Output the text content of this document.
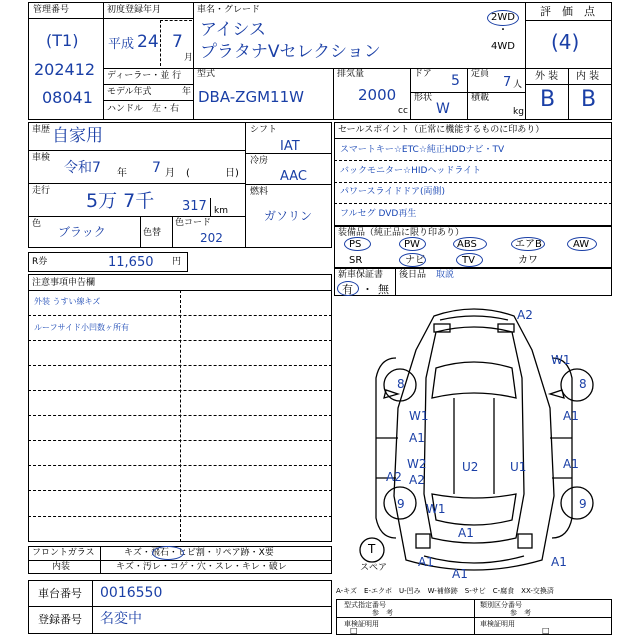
管理番号
(T1)
202412
08041
初度登録年月
平成 24 7
月
車名・グレード
アイシス
プラタナVセレクション
2WD
・
4WD
評　価　点
(4)
外 装 内 装
B B
ディーラー・並 行
モデル年式	年
ハンドル　左・右
型式
DBA-ZGM11W
排気量
2000
cc
ドア 5
形状
W
定員
7 人
積載
kg
車歴 自家用
車検
令和7 年 7 月 (	日)
走行 5万 7千 317 km
色
ブラック	色替
色コード
202
シフト
IAT
冷房
AAC
燃料
ガソリン
R券	11,650 円
セールスポイント（正常に機能するものに印あり）
スマートキー☆ETC☆純正HDDナビ・TV
バックモニター☆HIDヘッドライト
パワースライドドア(両側)
フルセグ DVD再生
装備品（純正品に限り印あり）
PS	PW	ABS	エアB	AW
SR	ナビ	TV	カワ
新車保証書
有 ・ 無
後日品 取説
注意事項申告欄
外装 うすい線キズ
ルーフサイド小凹数ヶ所有
フロントガラス	キズ・飛石・ヒビ割・リペア跡・X要
内装	キズ・汚レ・コゲ・穴・スレ・キレ・破レ
車台番号 0016550
登録番号 名変中
A-キズ　E-エクボ　U-凹み　W-補修跡　S-サビ　C-腐食　XX-交換済
型式指定番号
参　考
類別区分番号
参　考
車検証明用
□
車検証明用
□
A2
W1
8	8
W1
A1
A1
W2	U2	U1	A1
A2 A2
9	9
W1
A1
A1
A1
A1
T
スペア
